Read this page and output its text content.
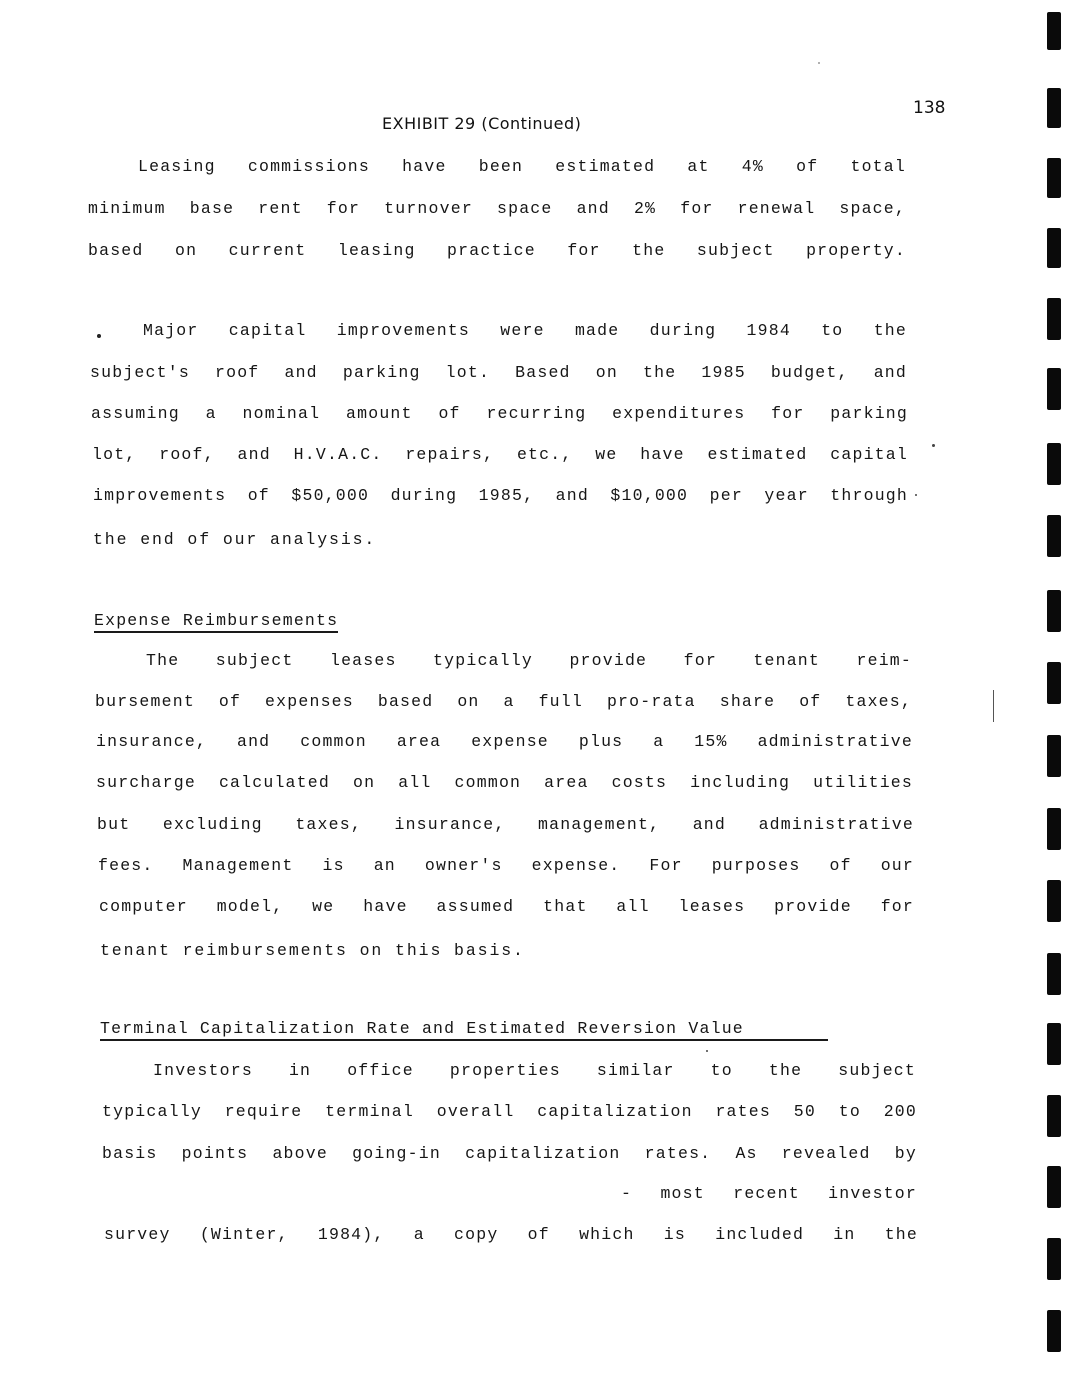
138
EXHIBIT 29 (Continued)
Leasing commissions have been estimated at 4% of total
minimum base rent for turnover space and 2% for renewal space,
based on current leasing practice for the subject property.
Major capital improvements were made during 1984 to the
subject's roof and parking lot. Based on the 1985 budget, and
assuming a nominal amount of recurring expenditures for parking
lot, roof, and H.V.A.C. repairs, etc., we have estimated capital
improvements of $50,000 during 1985, and $10,000 per year through
the end of our analysis.
Expense Reimbursements
The subject leases typically provide for tenant reim-
bursement of expenses based on a full pro-rata share of taxes,
insurance, and common area expense plus a 15% administrative
surcharge calculated on all common area costs including utilities
but excluding taxes, insurance, management, and administrative
fees. Management is an owner's expense. For purposes of our
computer model, we have assumed that all leases provide for
tenant reimbursements on this basis.
Terminal Capitalization Rate and Estimated Reversion Value
Investors in office properties similar to the subject
typically require terminal overall capitalization rates 50 to 200
basis points above going-in capitalization rates. As revealed by
- most recent investor
survey (Winter, 1984), a copy of which is included in the
